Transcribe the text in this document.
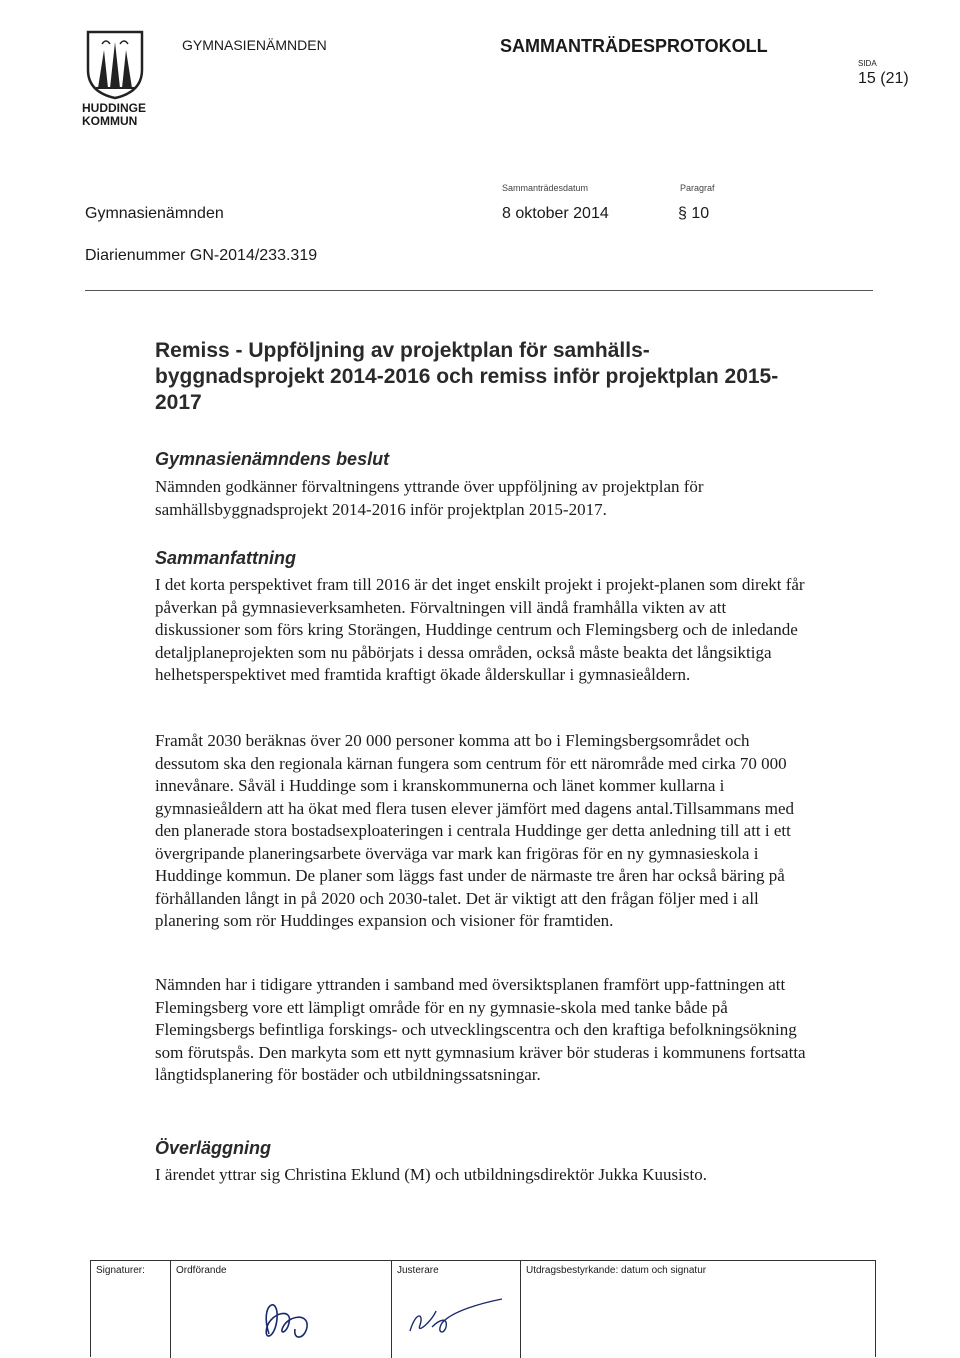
HUDDINGE
KOMMUN
GYMNASIENÄMNDEN	SAMMANTRÄDESPROTOKOLL
SIDA
15 (21)
Sammanträdesdatum	Paragraf
Gymnasienämnden	8 oktober 2014	§ 10
Diarienummer GN-2014/233.319
Remiss - Uppföljning av projektplan för samhälls-byggnadsprojekt 2014-2016 och remiss inför projektplan 2015-2017
Gymnasienämndens beslut
Nämnden godkänner förvaltningens yttrande över uppföljning av projektplan för samhällsbyggnadsprojekt 2014-2016 inför projektplan 2015-2017.
Sammanfattning
I det korta perspektivet fram till 2016 är det inget enskilt projekt i projekt-planen som direkt får påverkan på gymnasieverksamheten. Förvaltningen vill ändå framhålla vikten av att diskussioner som förs kring Storängen, Huddinge centrum och Flemingsberg och de inledande detaljplaneprojekten som nu påbörjats i dessa områden, också måste beakta det långsiktiga helhetsperspektivet med framtida kraftigt ökade ålderskullar i gymnasieåldern.
Framåt 2030 beräknas över 20 000 personer komma att bo i Flemingsbergsområdet och dessutom ska den regionala kärnan fungera som centrum för ett närområde med cirka 70 000 innevånare. Såväl i Huddinge som i kranskommunerna och länet kommer kullarna i gymnasieåldern att ha ökat med flera tusen elever jämfört med dagens antal.Tillsammans med den planerade stora bostadsexploateringen i centrala Huddinge ger detta anledning till att i ett övergripande planeringsarbete överväga var mark kan frigöras för en ny gymnasieskola i Huddinge kommun. De planer som läggs fast under de närmaste tre åren har också bäring på förhållanden långt in på 2020 och 2030-talet. Det är viktigt att den frågan följer med i all planering som rör Huddinges expansion och visioner för framtiden.
Nämnden har i tidigare yttranden i samband med översiktsplanen framfört upp-fattningen att Flemingsberg vore ett lämpligt område för en ny gymnasie-skola med tanke både på Flemingsbergs befintliga forskings- och utvecklingscentra och den kraftiga befolkningsökning som förutspås. Den markyta som ett nytt gymnasium kräver bör studeras i kommunens fortsatta långtidsplanering för bostäder och utbildningssatsningar.
Överläggning
I ärendet yttrar sig Christina Eklund (M) och utbildningsdirektör Jukka Kuusisto.
Signaturer:	Ordförande	Justerare	Utdragsbestyrkande: datum och signatur
